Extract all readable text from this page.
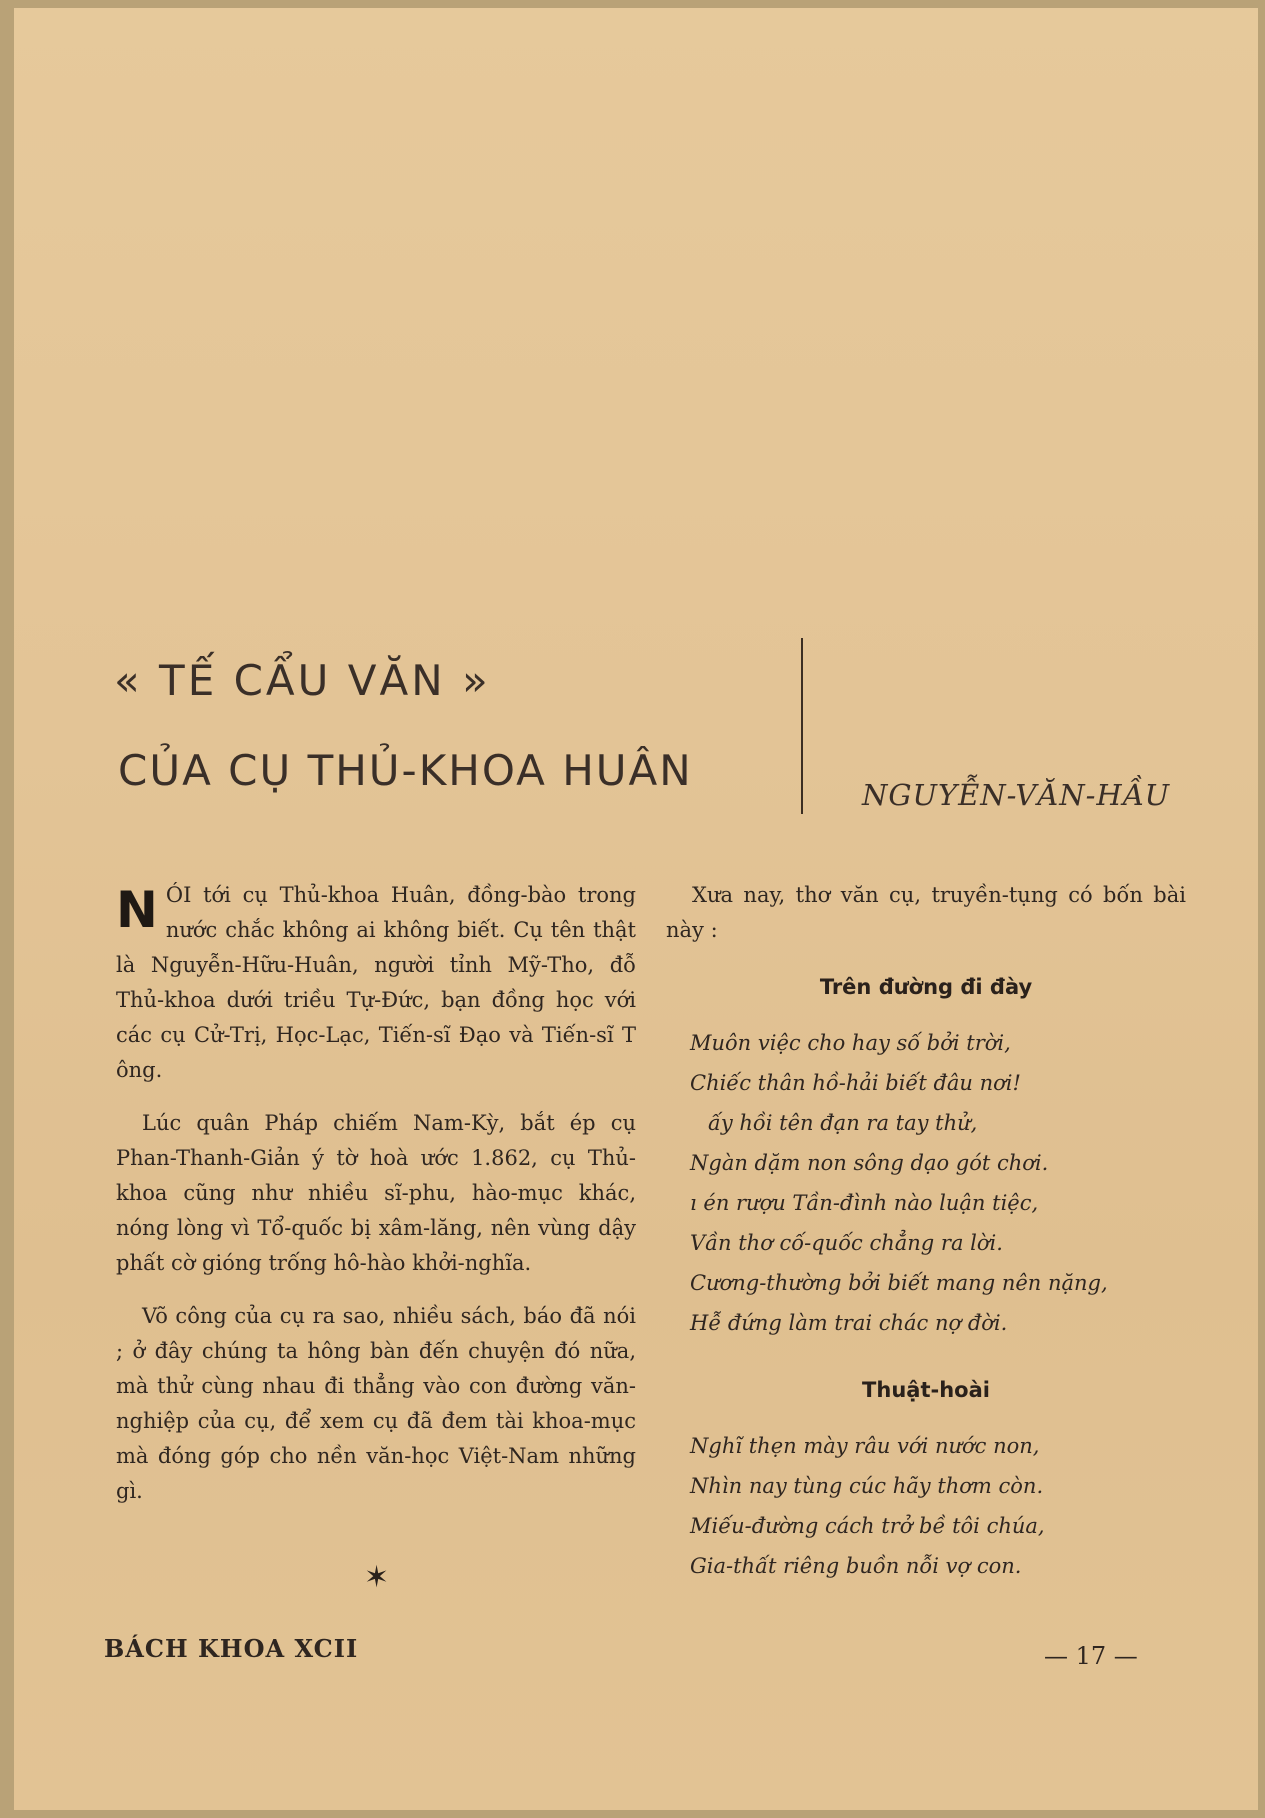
« TẾ CẨU VĂN »
CỦA CỤ THỦ-KHOA HUÂN	NGUYỄN-VĂN-HẦU

NÓI tới cụ Thủ-khoa Huân, đồng-bào trong nước chắc không ai không biết. Cụ tên thật là Nguyễn-Hữu-Huân, người tỉnh Mỹ-Tho, đỗ Thủ-khoa dưới triều Tự-Đức, bạn đồng học với các cụ Cử-Trị, Học-Lạc, Tiến-sĩ Đạo và Tiến-sĩ T ông.

Lúc quân Pháp chiếm Nam-Kỳ, bắt ép cụ Phan-Thanh-Giản ý tờ hoà ước 1.862, cụ Thủ-khoa cũng như nhiều sĩ-phu, hào-mục khác, nóng lòng vì Tổ-quốc bị xâm-lăng, nên vùng dậy phất cờ gióng trống hô-hào khởi-nghĩa.

Võ công của cụ ra sao, nhiều sách, báo đã nói ; ở đây chúng ta hông bàn đến chuyện đó nữa, mà thử cùng nhau đi thẳng vào con đường văn-nghiệp của cụ, để xem cụ đã đem tài khoa-mục mà đóng góp cho nền văn-học Việt-Nam những gì.

✶

Xưa nay, thơ văn cụ, truyền-tụng có bốn bài này :

Trên đường đi đày
Muôn việc cho hay số bởi trời,
Chiếc thân hồ-hải biết đâu nơi!
ấy hồi tên đạn ra tay thử,
Ngàn dặm non sông dạo gót chơi.
ı én rượu Tần-đình nào luận tiệc,
Vần thơ cố-quốc chẳng ra lời.
Cương-thường bởi biết mang nên nặng,
Hễ đứng làm trai chác nợ đời.
Thuật-hoài
Nghĩ thẹn mày râu với nước non,
Nhìn nay tùng cúc hãy thơm còn.
Miếu-đường cách trở bề tôi chúa,
Gia-thất riêng buồn nỗi vợ con.
BÁCH KHOA XCII	— 17 —
